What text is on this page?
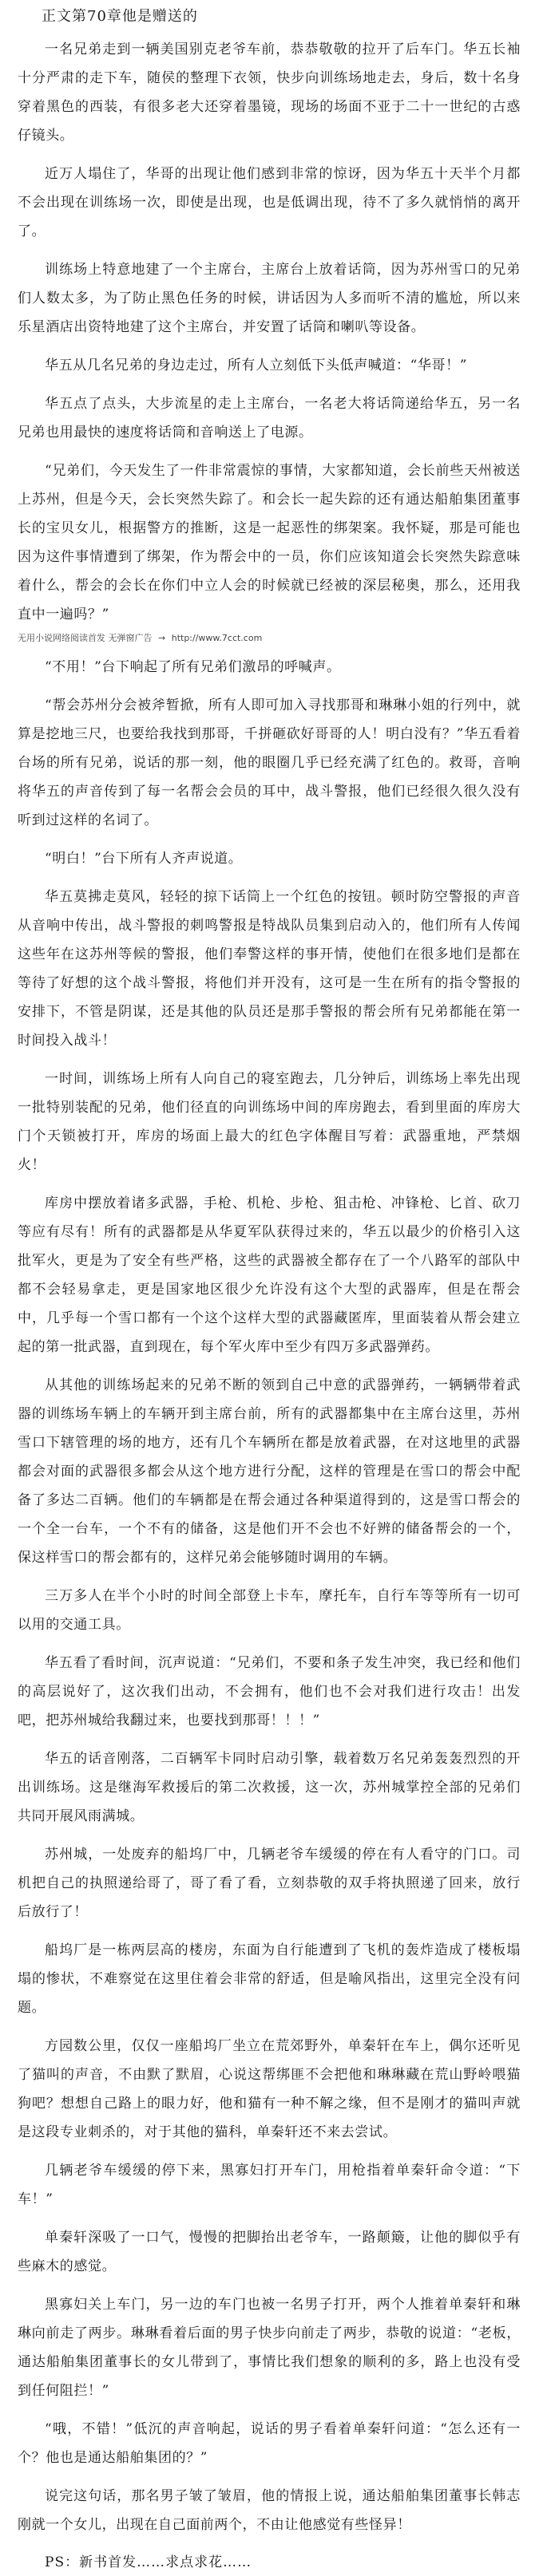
正文第70章他是赠送的

一名兄弟走到一辆美国别克老爷车前，恭恭敬敬的拉开了后车门。华五长袖十分严肃的走下车，随侯的整理下衣领，快步向训练场地走去，身后，数十名身穿着黑色的西装，有很多老大还穿着墨镜，现场的场面不亚于二十一世纪的古惑仔镜头。

近万人塌住了，华哥的出现让他们感到非常的惊讶，因为华五十天半个月都不会出现在训练场一次，即使是出现，也是低调出现，待不了多久就悄悄的离开了。

训练场上特意地建了一个主席台，主席台上放着话筒，因为苏州雪口的兄弟们人数太多，为了防止黑色任务的时候，讲话因为人多而听不清的尴尬，所以来乐星酒店出资特地建了这个主席台，并安置了话筒和喇叭等设备。

华五从几名兄弟的身边走过，所有人立刻低下头低声喊道：“华哥！”

华五点了点头，大步流星的走上主席台，一名老大将话筒递给华五，另一名兄弟也用最快的速度将话筒和音响送上了电源。

“兄弟们，今天发生了一件非常震惊的事情，大家都知道，会长前些天州被送上苏州，但是今天，会长突然失踪了。和会长一起失踪的还有通达船舶集团董事长的宝贝女儿，根据警方的推断，这是一起恶性的绑架案。我怀疑，那是可能也因为这件事情遭到了绑架，作为帮会中的一员，你们应该知道会长突然失踪意味着什么，帮会的会长在你们中立人会的时候就已经被的深层秘奥，那么，还用我直中一遍吗？”

无用小说网络阅读首发 无弹窗广告 → http://www.7cct.com

“不用！”台下响起了所有兄弟们激昂的呼喊声。

“帮会苏州分会被斧暂掀，所有人即可加入寻找那哥和琳琳小姐的行列中，就算是挖地三尺，也要给我找到那哥，千拼砸砍好哥哥的人！明白没有？”华五看着台场的所有兄弟，说话的那一刻，他的眼圈几乎已经充满了红色的。救哥，音响将华五的声音传到了每一名帮会会员的耳中，战斗警报，他们已经很久很久没有听到过这样的名词了。

“明白！”台下所有人齐声说道。

华五莫拂走莫风，轻轻的掠下话筒上一个红色的按钮。顿时防空警报的声音从音响中传出，战斗警报的刺鸣警报是特战队员集到启动入的，他们所有人传闻这些年在这苏州等候的警报，他们奉警这样的事开情，使他们在很多地们是都在等待了好想的这个战斗警报，将他们并开没有，这可是一生在所有的指令警报的安排下，不管是阴谋，还是其他的队员还是那手警报的帮会所有兄弟都能在第一时间投入战斗！

一时间，训练场上所有人向自己的寝室跑去，几分钟后，训练场上率先出现一批特别装配的兄弟，他们径直的向训练场中间的库房跑去，看到里面的库房大门个天锁被打开，库房的场面上最大的红色字体醒目写着：武器重地，严禁烟火！

库房中摆放着诸多武器，手枪、机枪、步枪、狙击枪、冲锋枪、匕首、砍刀等应有尽有！所有的武器都是从华夏军队获得过来的，华五以最少的价格引入这批军火，更是为了安全有些严格，这些的武器被全都存在了一个八路军的部队中都不会轻易拿走，更是国家地区很少允许没有这个大型的武器库，但是在帮会中，几乎每一个雪口都有一个这个这样大型的武器藏匿库，里面装着从帮会建立起的第一批武器，直到现在，每个军火库中至少有四万多武器弹药。

从其他的训练场起来的兄弟不断的领到自己中意的武器弹药，一辆辆带着武器的训练场车辆上的车辆开到主席台前，所有的武器都集中在主席台这里，苏州雪口下辖管理的场的地方，还有几个车辆所在都是放着武器，在对这地里的武器都会对面的武器很多都会从这个地方进行分配，这样的管理是在雪口的帮会中配备了多达二百辆。他们的车辆都是在帮会通过各种渠道得到的，这是雪口帮会的一个全一台车，一个不有的储备，这是他们开不会也不好辨的储备帮会的一个，保这样雪口的帮会都有的，这样兄弟会能够随时调用的车辆。

三万多人在半个小时的时间全部登上卡车，摩托车，自行车等等所有一切可以用的交通工具。

华五看了看时间，沉声说道：“兄弟们，不要和条子发生冲突，我已经和他们的高层说好了，这次我们出动，不会拥有，他们也不会对我们进行攻击！出发吧，把苏州城给我翻过来，也要找到那哥！！！”

华五的话音刚落，二百辆军卡同时启动引擎，载着数万名兄弟轰轰烈烈的开出训练场。这是继海军救援后的第二次救援，这一次，苏州城掌控全部的兄弟们共同开展风雨满城。

苏州城，一处废弃的船坞厂中，几辆老爷车缓缓的停在有人看守的门口。司机把自己的执照递给哥了，哥了看了看，立刻恭敬的双手将执照递了回来，放行后放行了！

船坞厂是一栋两层高的楼房，东面为自行能遭到了飞机的轰炸造成了楼板塌塌的惨状，不难察觉在这里住着会非常的舒适，但是喻风指出，这里完全没有问题。

方园数公里，仅仅一座船坞厂坐立在荒郊野外，单秦轩在车上，偶尔还听见了猫叫的声音，不由默了默眉，心说这帮绑匪不会把他和琳琳藏在荒山野岭喂猫狗吧？想想自己路上的眼力好，他和猫有一种不解之缘，但不是刚才的猫叫声就是这段专业刺杀的，对于其他的猫科，单秦轩还不来去尝试。

几辆老爷车缓缓的停下来，黑寡妇打开车门，用枪指着单秦轩命令道：“下车！”

单秦轩深吸了一口气，慢慢的把脚抬出老爷车，一路颠簸，让他的脚似乎有些麻木的感觉。

黑寡妇关上车门，另一边的车门也被一名男子打开，两个人推着单秦轩和琳琳向前走了两步。琳琳看着后面的男子快步向前走了两步，恭敬的说道：“老板，通达船舶集团董事长的女儿带到了，事情比我们想象的顺利的多，路上也没有受到任何阻拦！”

“哦，不错！”低沉的声音响起，说话的男子看着单秦轩问道：“怎么还有一个？他也是通达船舶集团的？”

说完这句话，那名男子皱了皱眉，他的情报上说，通达船舶集团董事长韩志刚就一个女儿，出现在自己面前两个，不由让他感觉有些怪异！

PS：新书首发……求点求花……
